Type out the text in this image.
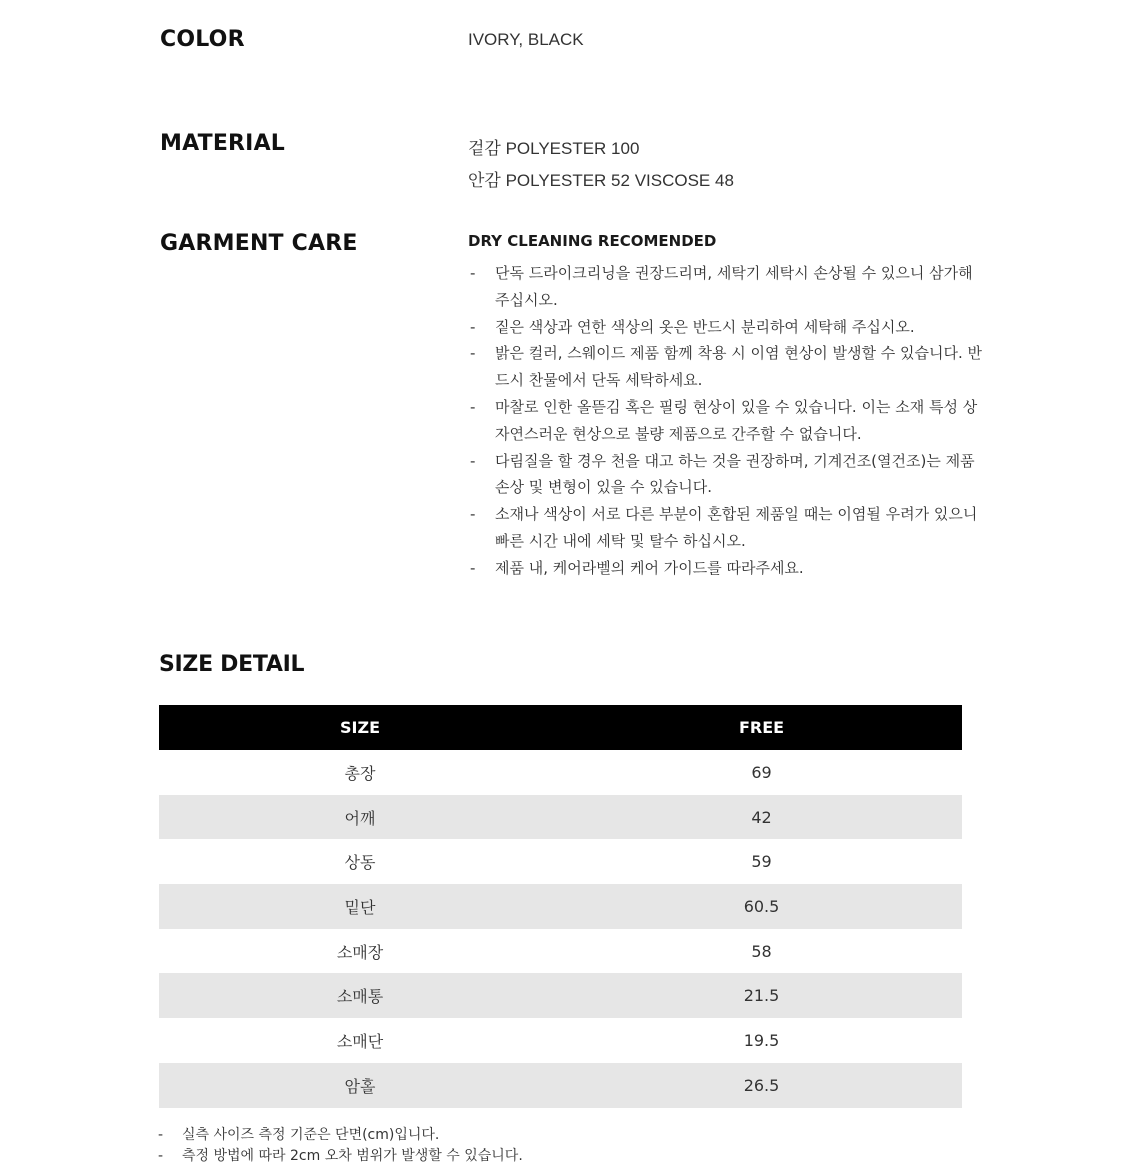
COLOR	IVORY, BLACK
MATERIAL	겉감 POLYESTER 100
안감 POLYESTER 52 VISCOSE 48
GARMENT CARE	DRY CLEANING RECOMENDED
- 단독 드라이크리닝을 권장드리며, 세탁기 세탁시 손상될 수 있으니 삼가해 주십시오.
- 짙은 색상과 연한 색상의 옷은 반드시 분리하여 세탁해 주십시오.
- 밝은 컬러, 스웨이드 제품 함께 착용 시 이염 현상이 발생할 수 있습니다. 반드시 찬물에서 단독 세탁하세요.
- 마찰로 인한 올뜯김 혹은 필링 현상이 있을 수 있습니다. 이는 소재 특성 상 자연스러운 현상으로 불량 제품으로 간주할 수 없습니다.
- 다림질을 할 경우 천을 대고 하는 것을 권장하며, 기계건조(열건조)는 제품 손상 및 변형이 있을 수 있습니다.
- 소재나 색상이 서로 다른 부분이 혼합된 제품일 때는 이염될 우려가 있으니 빠른 시간 내에 세탁 및 탈수 하십시오.
- 제품 내, 케어라벨의 케어 가이드를 따라주세요.
SIZE DETAIL
SIZE	FREE
총장	69
어깨	42
상동	59
밑단	60.5
소매장	58
소매통	21.5
소매단	19.5
암홀	26.5
- 실측 사이즈 측정 기준은 단면(cm)입니다.
- 측정 방법에 따라 2cm 오차 범위가 발생할 수 있습니다.
